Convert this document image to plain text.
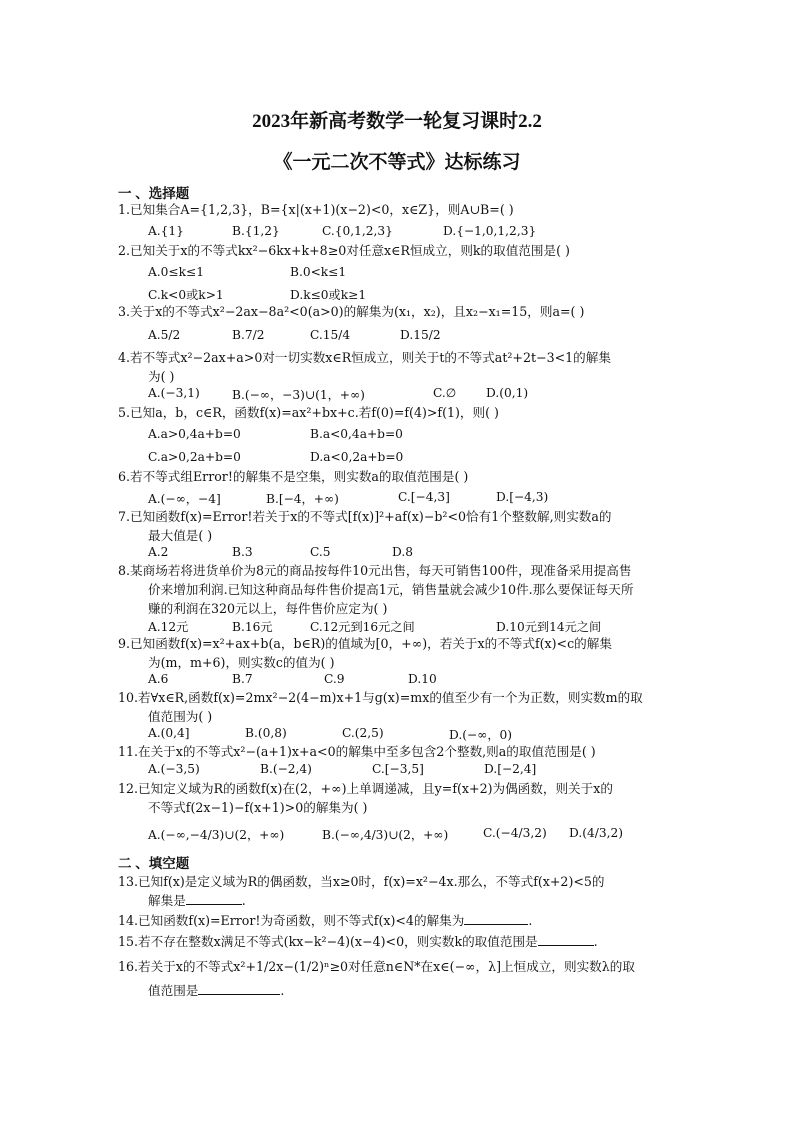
2023年新高考数学一轮复习课时2.2
《一元二次不等式》达标练习
一 、选择题
1.已知集合A={1,2,3}，B={x|(x+1)(x−2)<0，x∈Z}，则A∪B=( )
A.{1}	B.{1,2}	C.{0,1,2,3}	D.{−1,0,1,2,3}
2.已知关于x的不等式kx²−6kx+k+8≥0对任意x∈R恒成立，则k的取值范围是( )
A.0≤k≤1	B.0<k≤1
C.k<0或k>1	D.k≤0或k≥1
3.关于x的不等式x²−2ax−8a²<0(a>0)的解集为(x₁，x₂)，且x₂−x₁=15，则a=( )
A.5/2	B.7/2	C.15/4	D.15/2
4.若不等式x²−2ax+a>0对一切实数x∈R恒成立，则关于t的不等式at²+2t−3<1的解集
为( )
A.(−3,1)	B.(−∞，−3)∪(1，+∞)	C.∅ D.(0,1)
5.已知a，b，c∈R，函数f(x)=ax²+bx+c.若f(0)=f(4)>f(1)，则( )
A.a>0,4a+b=0	B.a<0,4a+b=0
C.a>0,2a+b=0	D.a<0,2a+b=0
6.若不等式组Error!的解集不是空集，则实数a的取值范围是( )
A.(−∞，−4]	B.[−4，+∞)	C.[−4,3]	D.[−4,3)
7.已知函数f(x)=Error!若关于x的不等式[f(x)]²+af(x)−b²<0恰有1个整数解,则实数a的
最大值是( )
A.2	B.3	C.5	D.8
8.某商场若将进货单价为8元的商品按每件10元出售，每天可销售100件，现准备采用提高售
价来增加利润.已知这种商品每件售价提高1元，销售量就会减少10件.那么要保证每天所
赚的利润在320元以上，每件售价应定为( )
A.12元	B.16元	C.12元到16元之间	D.10元到14元之间
9.已知函数f(x)=x²+ax+b(a，b∈R)的值域为[0，+∞)，若关于x的不等式f(x)<c的解集
为(m，m+6)，则实数c的值为( )
A.6	B.7	C.9	D.10
10.若∀x∈R,函数f(x)=2mx²−2(4−m)x+1与g(x)=mx的值至少有一个为正数，则实数m的取
值范围为( )
A.(0,4]	B.(0,8)	C.(2,5)	D.(−∞，0)
11.在关于x的不等式x²−(a+1)x+a<0的解集中至多包含2个整数,则a的取值范围是( )
A.(−3,5)	B.(−2,4)	C.[−3,5]	D.[−2,4]
12.已知定义域为R的函数f(x)在(2，+∞)上单调递减，且y=f(x+2)为偶函数，则关于x的
不等式f(2x−1)−f(x+1)>0的解集为( )
A.(−∞,−4/3)∪(2，+∞)	B.(−∞,4/3)∪(2，+∞)	C.(−4/3,2) D.(4/3,2)
二 、填空题
13.已知f(x)是定义域为R的偶函数，当x≥0时，f(x)=x²−4x.那么，不等式f(x+2)<5的
解集是	.
14.已知函数f(x)=Error!为奇函数，则不等式f(x)<4的解集为	.
15.若不存在整数x满足不等式(kx−k²−4)(x−4)<0，则实数k的取值范围是	.
16.若关于x的不等式x²+1/2x−(1/2)ⁿ≥0对任意n∈N*在x∈(−∞，λ]上恒成立，则实数λ的取
值范围是	.
